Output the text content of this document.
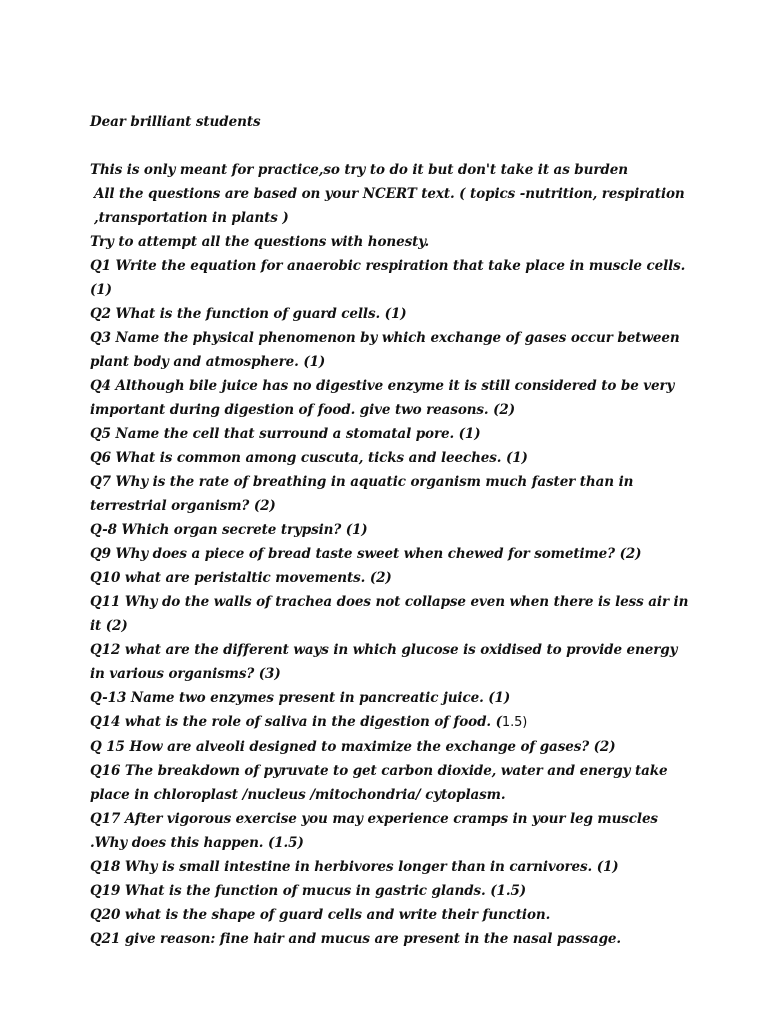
Dear brilliant students

This is only meant for practice,so try to do it but don't take it as burden

All the questions are based on your NCERT text. ( topics -nutrition, respiration ,transportation in plants )

Try to attempt all the questions with honesty.

Q1 Write the equation for anaerobic respiration that take place in muscle cells. (1)

Q2 What is the function of guard cells. (1)

Q3 Name the physical phenomenon by which exchange of gases occur between plant body and atmosphere. (1)

Q4 Although bile juice has no digestive enzyme it is still considered to be very important during digestion of food. give two reasons. (2)

Q5 Name the cell that surround a stomatal pore. (1)

Q6 What is common among cuscuta, ticks and leeches. (1)

Q7 Why is the rate of breathing in aquatic organism much faster than in terrestrial organism? (2)

Q-8 Which organ secrete trypsin? (1)

Q9 Why does a piece of bread taste sweet when chewed for sometime? (2)

Q10 what are peristaltic movements. (2)

Q11 Why do the walls of trachea does not collapse even when there is less air in it (2)

Q12 what are the different ways in which glucose is oxidised to provide energy in various organisms? (3)

Q-13 Name two enzymes present in pancreatic juice. (1)

Q14 what is the role of saliva in the digestion of food. (1.5)

Q 15 How are alveoli designed to maximize the exchange of gases? (2)

Q16 The breakdown of pyruvate to get carbon dioxide, water and energy take place in chloroplast /nucleus /mitochondria/ cytoplasm.

Q17 After vigorous exercise you may experience cramps in your leg muscles .Why does this happen. (1.5)

Q18 Why is small intestine in herbivores longer than in carnivores. (1)

Q19 What is the function of mucus in gastric glands. (1.5)

Q20 what is the shape of guard cells and write their function.

Q21 give reason: fine hair and mucus are present in the nasal passage.
